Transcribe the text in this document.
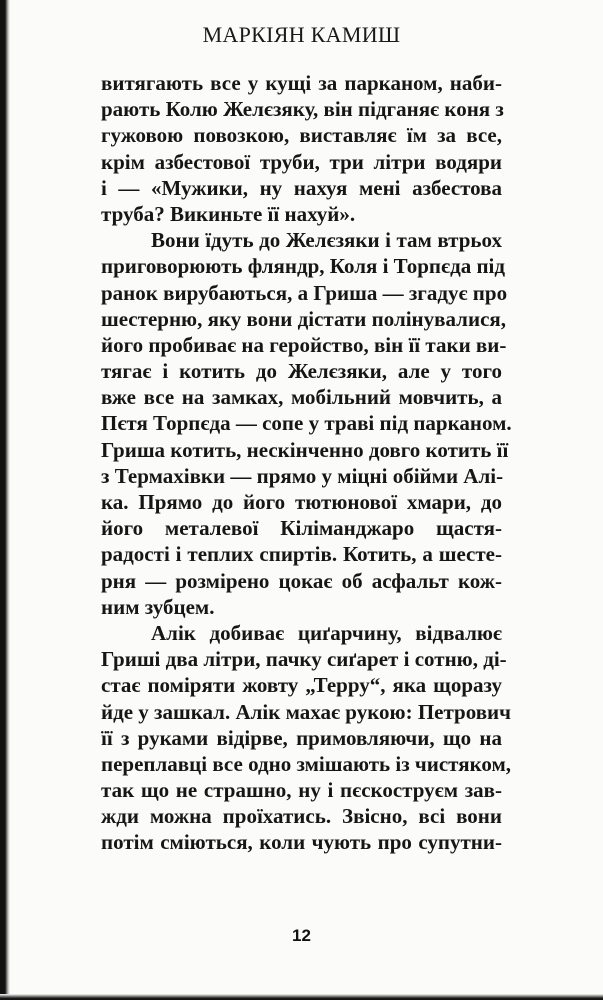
МАРКІЯН КАМИШ
витягають все у кущі за парканом, наби-
рають Колю Желєзяку, він підганяє коня з
гужовою повозкою, виставляє їм за все,
крім азбестової труби, три літри водяри
і — «Мужики, ну нахуя мені азбестова
труба? Викиньте її нахуй».
Вони їдуть до Желєзяки і там втрьох
приговорюють фляндр, Коля і Торпєда під
ранок вирубаються, а Гриша — згадує про
шестерню, яку вони дістати полінувалися,
його пробиває на геройство, він її таки ви-
тягає і котить до Желєзяки, але у того
вже все на замках, мобільний мовчить, а
Пєтя Торпєда — сопе у траві під парканом.
Гриша котить, нескінченно довго котить її
з Термахівки — прямо у міцні обійми Алі-
ка. Прямо до його тютюнової хмари, до
його металевої Кіліманджаро щастя-
радості і теплих спиртів. Котить, а шесте-
рня — розмірено цокає об асфальт кож-
ним зубцем.
Алік добиває циґарчину, відвалює
Гриші два літри, пачку сиґарет і сотню, ді-
стає поміряти жовту „Терру“, яка щоразу
йде у зашкал. Алік махає рукою: Петрович
її з руками відірве, примовляючи, що на
переплавці все одно змішають із чистяком,
так що не страшно, ну і пєскоструєм зав-
жди можна проїхатись. Звісно, всі вони
потім сміються, коли чують про супутни-
12
